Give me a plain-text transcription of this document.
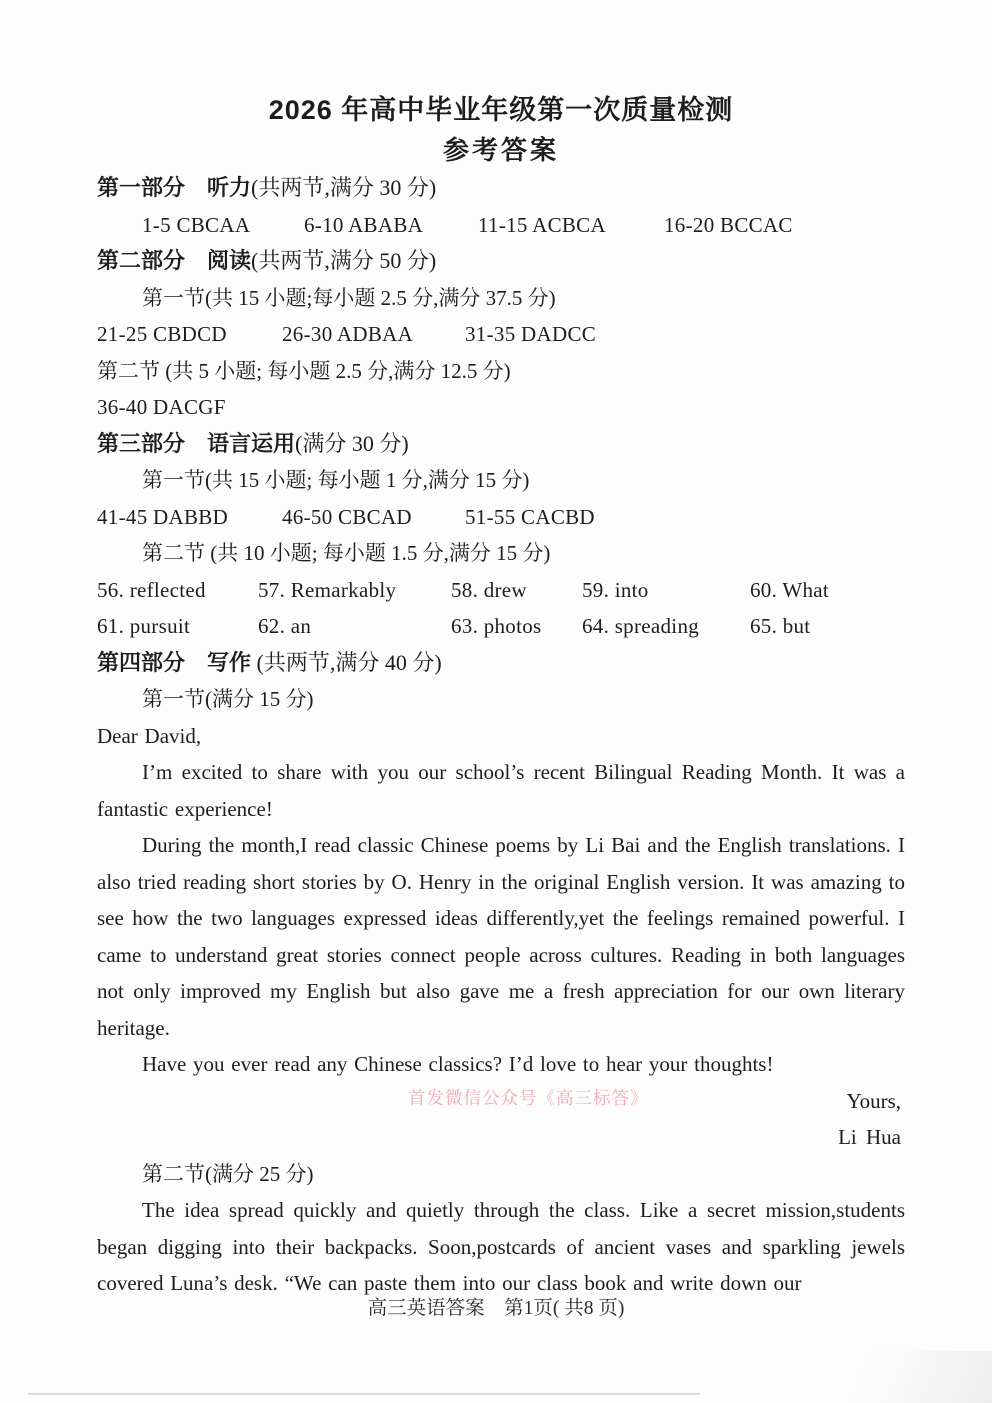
2026 年高中毕业年级第一次质量检测
参考答案
第一部分　听力(共两节,满分 30 分)
1-5 CBCAA	6-10 ABABA	11-15 ACBCA	16-20 BCCAC
第二部分　阅读(共两节,满分 50 分)
第一节(共 15 小题;每小题 2.5 分,满分 37.5 分)
21-25 CBDCD	26-30 ADBAA	31-35 DADCC
第二节 (共 5 小题; 每小题 2.5 分,满分 12.5 分)
36-40 DACGF
第三部分　语言运用(满分 30 分)
第一节(共 15 小题; 每小题 1 分,满分 15 分)
41-45 DABBD	46-50 CBCAD	51-55 CACBD
第二节 (共 10 小题; 每小题 1.5 分,满分 15 分)
56. reflected	57. Remarkably	58. drew	59. into	60. What
61. pursuit	62. an	63. photos	64. spreading	65. but
第四部分　写作 (共两节,满分 40 分)
第一节(满分 15 分)

Dear David,

I’m excited to share with you our school’s recent Bilingual Reading Month. It was a fantastic experience!

During the month,I read classic Chinese poems by Li Bai and the English translations. I also tried reading short stories by O. Henry in the original English version. It was amazing to see how the two languages expressed ideas differently,yet the feelings remained powerful. I came to understand great stories connect people across cultures. Reading in both languages not only improved my English but also gave me a fresh appreciation for our own literary heritage.

Have you ever read any Chinese classics? I’d love to hear your thoughts!

Yours,
Li Hua
第二节(满分 25 分)

The idea spread quickly and quietly through the class. Like a secret mission,students began digging into their backpacks. Soon,postcards of ancient vases and sparkling jewels covered Luna’s desk. “We can paste them into our class book and write down our

首发微信公众号《高三标答》
高三英语答案　第1页( 共8 页)
